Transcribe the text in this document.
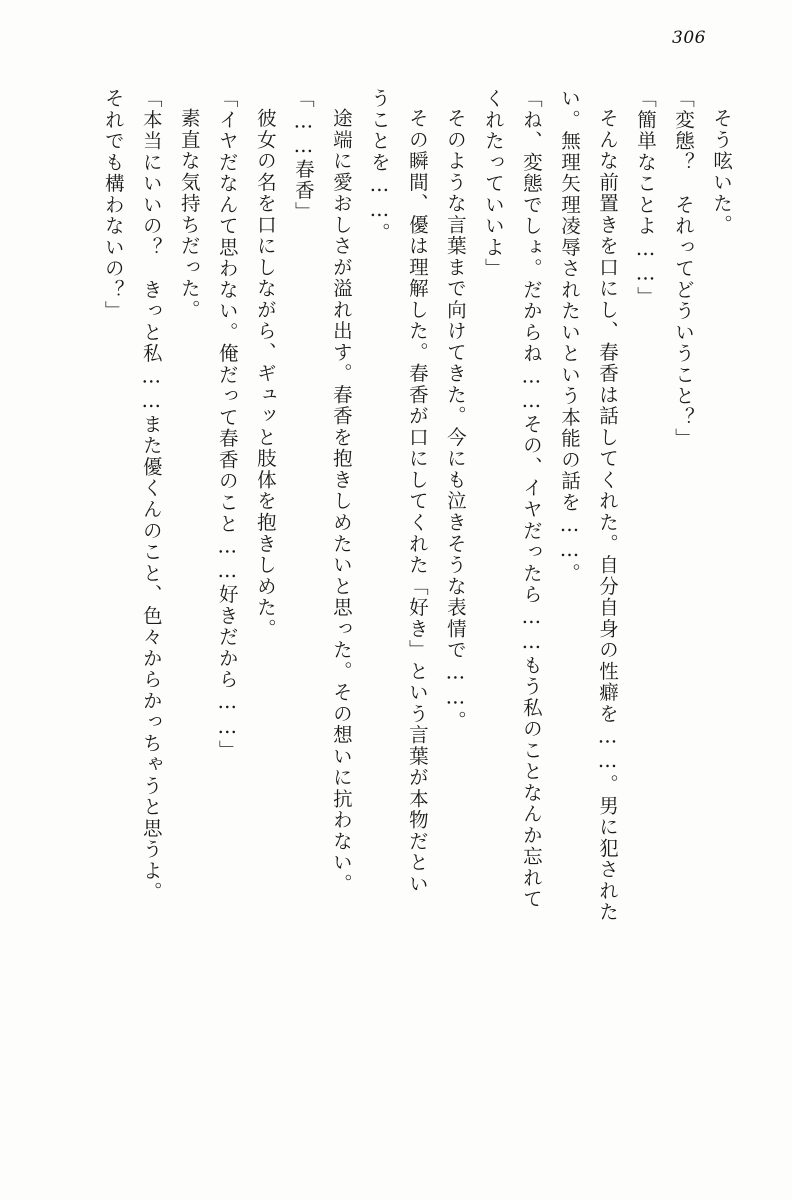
306

そう呟いた。

「変態？　それってどういうこと？」

「簡単なことよ……」

そんな前置きを口にし、春香は話してくれた。自分自身の性癖を……。男に犯された

い。無理矢理凌辱されたいという本能の話を……。

「ね、変態でしょ。だからね……その、イヤだったら……もう私のことなんか忘れて

くれたっていいよ」

そのような言葉まで向けてきた。今にも泣きそうな表情で……。

その瞬間、優は理解した。春香が口にしてくれた「好き」という言葉が本物だとい

うことを……。

途端に愛おしさが溢れ出す。春香を抱きしめたいと思った。その想いに抗わない。

「……春香」

彼女の名を口にしながら、ギュッと肢体を抱きしめた。

「イヤだなんて思わない。俺だって春香のこと……好きだから……」

素直な気持ちだった。

「本当にいいの？　きっと私……また優くんのこと、色々からかっちゃうと思うよ。

それでも構わないの？」
